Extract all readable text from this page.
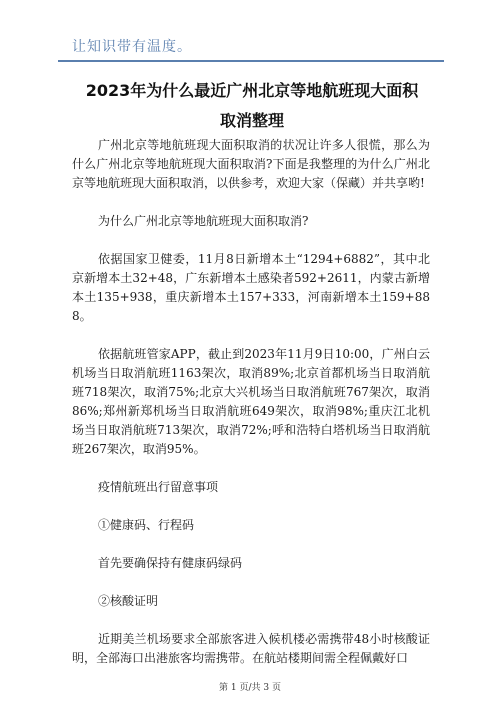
让知识带有温度。
2023年为什么最近广州北京等地航班现大面积取消整理

广州北京等地航班现大面积取消的状况让许多人很慌，那么为什么广州北京等地航班现大面积取消?下面是我整理的为什么广州北京等地航班现大面积取消，以供参考，欢迎大家（保藏）并共享哟!

为什么广州北京等地航班现大面积取消?

依据国家卫健委，11月8日新增本土“1294+6882”，其中北京新增本土32+48，广东新增本土感染者592+2611，内蒙古新增本土135+938，重庆新增本土157+333，河南新增本土159+888。

依据航班管家APP，截止到2023年11月9日10:00，广州白云机场当日取消航班1163架次，取消89%;北京首都机场当日取消航班718架次，取消75%;北京大兴机场当日取消航班767架次，取消86%;郑州新郑机场当日取消航班649架次，取消98%;重庆江北机场当日取消航班713架次，取消72%;呼和浩特白塔机场当日取消航班267架次，取消95%。

疫情航班出行留意事项

①健康码、行程码

首先要确保持有健康码绿码

②核酸证明

近期美兰机场要求全部旅客进入候机楼必需携带48小时核酸证明，全部海口出港旅客均需携带。在航站楼期间需全程佩戴好口

第 1 页/共 3 页
